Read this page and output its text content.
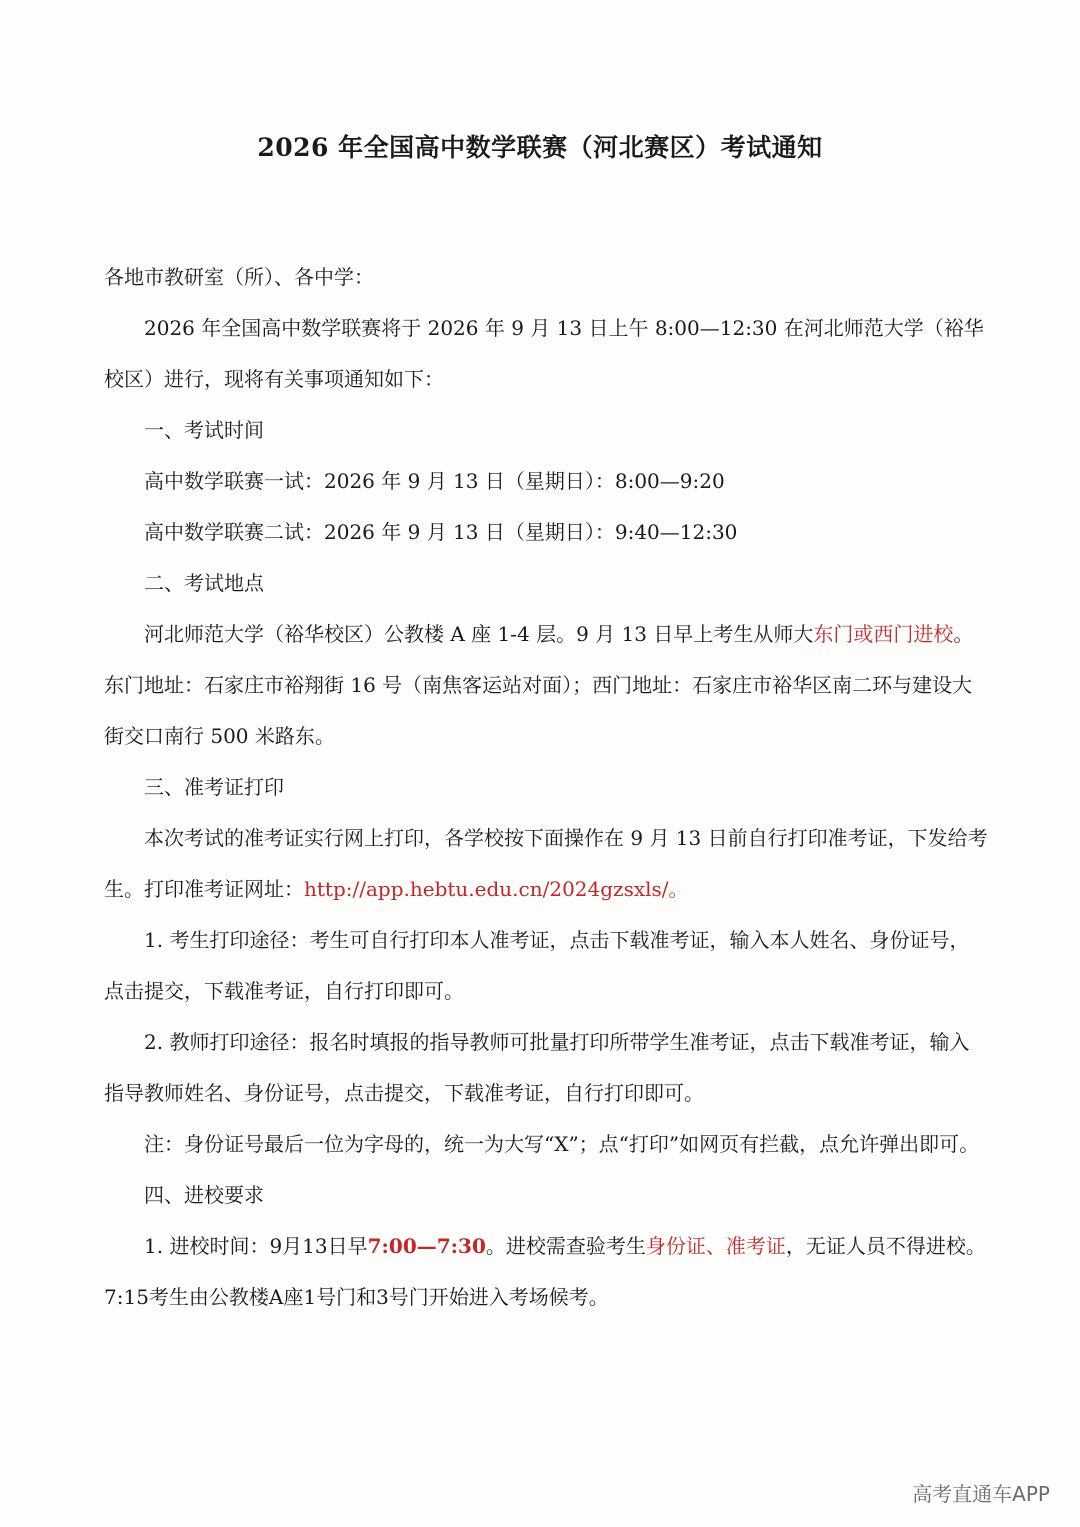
2026 年全国高中数学联赛（河北赛区）考试通知

各地市教研室（所）、各中学：

2026 年全国高中数学联赛将于 2026 年 9 月 13 日上午 8:00—12:30 在河北师范大学（裕华校区）进行，现将有关事项通知如下：

一、考试时间

高中数学联赛一试：2026 年 9 月 13 日（星期日）：8:00—9:20

高中数学联赛二试：2026 年 9 月 13 日（星期日）：9:40—12:30

二、考试地点

河北师范大学（裕华校区）公教楼 A 座 1-4 层。9 月 13 日早上考生从师大东门或西门进校。东门地址：石家庄市裕翔街 16 号（南焦客运站对面）；西门地址：石家庄市裕华区南二环与建设大街交口南行 500 米路东。

三、准考证打印

本次考试的准考证实行网上打印，各学校按下面操作在 9 月 13 日前自行打印准考证，下发给考生。打印准考证网址：http://app.hebtu.edu.cn/2024gzsxls/。

1. 考生打印途径：考生可自行打印本人准考证，点击下载准考证，输入本人姓名、身份证号，点击提交，下载准考证，自行打印即可。

2. 教师打印途径：报名时填报的指导教师可批量打印所带学生准考证，点击下载准考证，输入指导教师姓名、身份证号，点击提交，下载准考证，自行打印即可。

注：身份证号最后一位为字母的，统一为大写“X”；点“打印”如网页有拦截，点允许弹出即可。

四、进校要求

1. 进校时间：9月13日早7:00—7:30。进校需查验考生身份证、准考证，无证人员不得进校。7:15考生由公教楼A座1号门和3号门开始进入考场候考。

高考直通车APP
